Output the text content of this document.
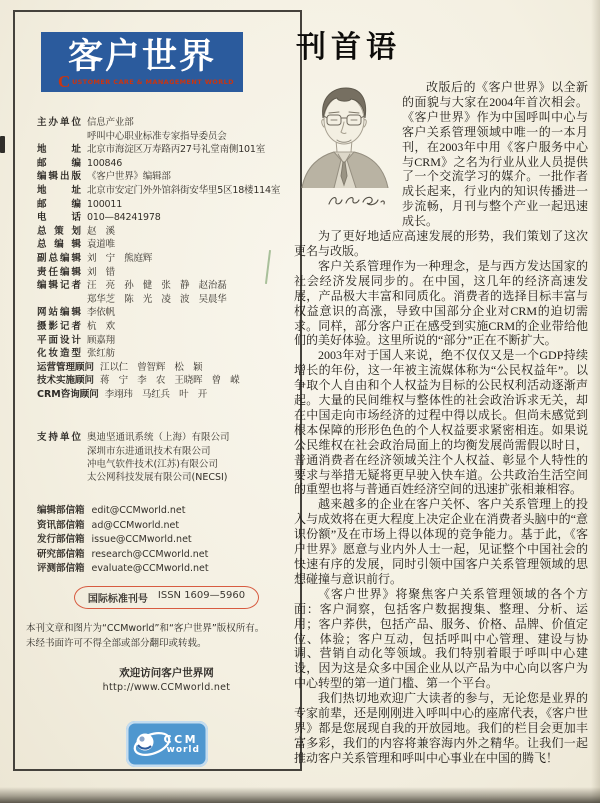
客户世界
C USTOMER CARE & MANAGEMENT WORLD
主办单位 信息产业部
呼叫中心职业标准专家指导委员会
地址 北京市海淀区万寿路丙27号礼堂南侧101室
邮编 100846
编辑出版 《客户世界》编辑部
地址 北京市安定门外外馆斜街安华里5区18楼114室
邮编 100011
电话 010—84241978
总策划 赵　溪
总编辑 袁道唯
副总编辑 刘　宁　熊庭辉
责任编辑 刘　错
编辑记者 汪　亮　孙　健　张　静　赵治磊
郑华芝　陈　光　凌　波　吴晨华
网站编辑 李依帆
摄影记者 杭　欢
平面设计 顾嘉翔
化妆造型 张红舫
运营管理顾问 江以仁　曾智辉　松　颖
技术实施顾问 蒋　宁　李　农　王晓晖　曾　嵘
CRM咨询顾问 李翊玮　马红兵　叶　开
支持单位 奥迪坚通讯系统（上海）有限公司
深圳市东进通讯技术有限公司
冲电气软件技术(江苏)有限公司
太公网科技发展有限公司(NECSI)
编辑部信箱 edit@CCMworld.net
资讯部信箱 ad@CCMworld.net
发行部信箱 issue@CCMworld.net
研究部信箱 research@CCMworld.net
评测部信箱 evaluate@CCMworld.net
国际标准刊号 ISSN 1609—5960
本刊文章和图片为“CCMworld”和“客户世界”版权所有。
未经书面许可不得全部或部分翻印或转载。
欢迎访问客户世界网
http://www.CCMworld.net
CCM
world
刊首语

改版后的《客户世界》以全新的面貌与大家在2004年首次相会。《客户世界》作为中国呼叫中心与客户关系管理领域中唯一的一本月刊，在2003年中用《客户服务中心与CRM》之名为行业从业人员提供了一个交流学习的媒介。一批作者成长起来，行业内的知识传播进一步流畅，月刊与整个产业一起迅速成长。

为了更好地适应高速发展的形势，我们策划了这次更名与改版。

客户关系管理作为一种理念，是与西方发达国家的社会经济发展同步的。在中国，这几年的经济高速发展，产品极大丰富和同质化。消费者的选择目标丰富与权益意识的高涨，导致中国部分企业对CRM的迫切需求。同样，部分客户正在感受到实施CRM的企业带给他们的美好体验。这里所说的“部分”正在不断扩大。

2003年对于国人来说，绝不仅仅又是一个GDP持续增长的年份，这一年被主流媒体称为“公民权益年”。以争取个人自由和个人权益为目标的公民权利活动逐渐声起。大量的民间维权与整体性的社会政治诉求无关，却在中国走向市场经济的过程中得以成长。但尚未感觉到根本保障的形形色色的个人权益要求紧密相连。如果说公民维权在社会政治局面上的均衡发展尚需假以时日，普通消费者在经济领域关注个人权益、彰显个人特性的要求与举措无疑将更早驶入快车道。公共政治生活空间的重塑也将与普通百姓经济空间的迅速扩张相兼相容。

越来越多的企业在客户关怀、客户关系管理上的投入与成效将在更大程度上决定企业在消费者头脑中的“意识份额”及在市场上得以体现的竞争能力。基于此，《客户世界》愿意与业内外人士一起，见证整个中国社会的快速有序的发展，同时引领中国客户关系管理领域的思想碰撞与意识前行。

《客户世界》将聚焦客户关系管理领域的各个方面：客户洞察，包括客户数据搜集、整理、分析、运用；客户荞供，包括产品、服务、价格、品牌、价值定位、体验；客户互动，包括呼叫中心管理、建设与协调、营销自动化等领域。我们特别着眼于呼叫中心建设，因为这是众多中国企业从以产品为中心向以客户为中心转型的第一道门槛、第一个平台。

我们热切地欢迎广大读者的参与，无论您是业界的专家前辈，还是刚刚进入呼叫中心的座席代表，《客户世界》都是您展现自我的开放园地。我们的栏目会更加丰富多彩，我们的内容将兼容海内外之精华。让我们一起推动客户关系管理和呼叫中心事业在中国的腾飞！
